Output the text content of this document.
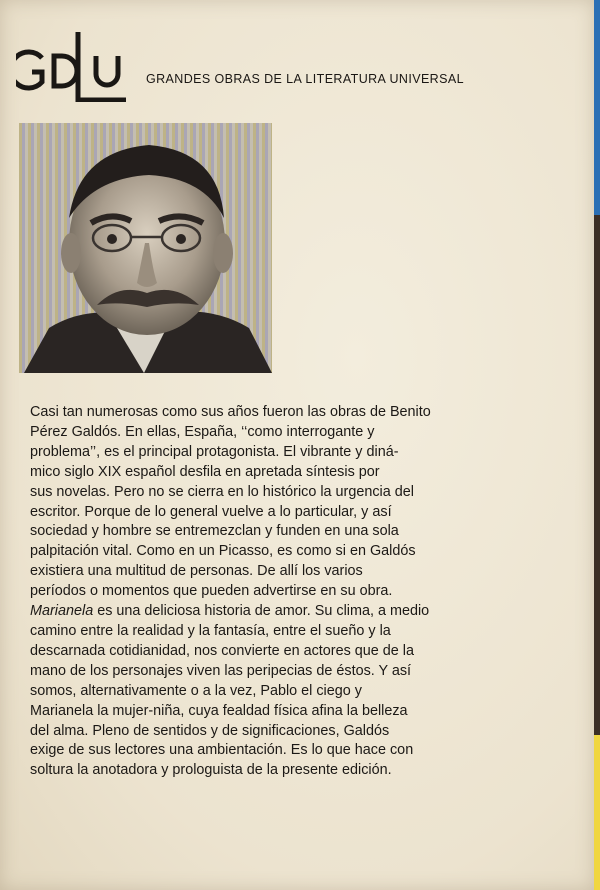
GRANDES OBRAS DE LA LITERATURA UNIVERSAL
Casi tan numerosas como sus años fueron las obras de Benito
Pérez Galdós. En ellas, España, ‘‘como interrogante y
problema’’, es el principal protagonista. El vibrante y diná-
mico siglo XIX español desfila en apretada síntesis por
sus novelas. Pero no se cierra en lo histórico la urgencia del
escritor. Porque de lo general vuelve a lo particular, y así
sociedad y hombre se entremezclan y funden en una sola
palpitación vital. Como en un Picasso, es como si en Galdós
existiera una multitud de personas. De allí los varios
períodos o momentos que pueden advertirse en su obra.
Marianela es una deliciosa historia de amor. Su clima, a medio
camino entre la realidad y la fantasía, entre el sueño y la
descarnada cotidianidad, nos convierte en actores que de la
mano de los personajes viven las peripecias de éstos. Y así
somos, alternativamente o a la vez, Pablo el ciego y
Marianela la mujer-niña, cuya fealdad física afina la belleza
del alma. Pleno de sentidos y de significaciones, Galdós
exige de sus lectores una ambientación. Es lo que hace con
soltura la anotadora y prologuista de la presente edición.
